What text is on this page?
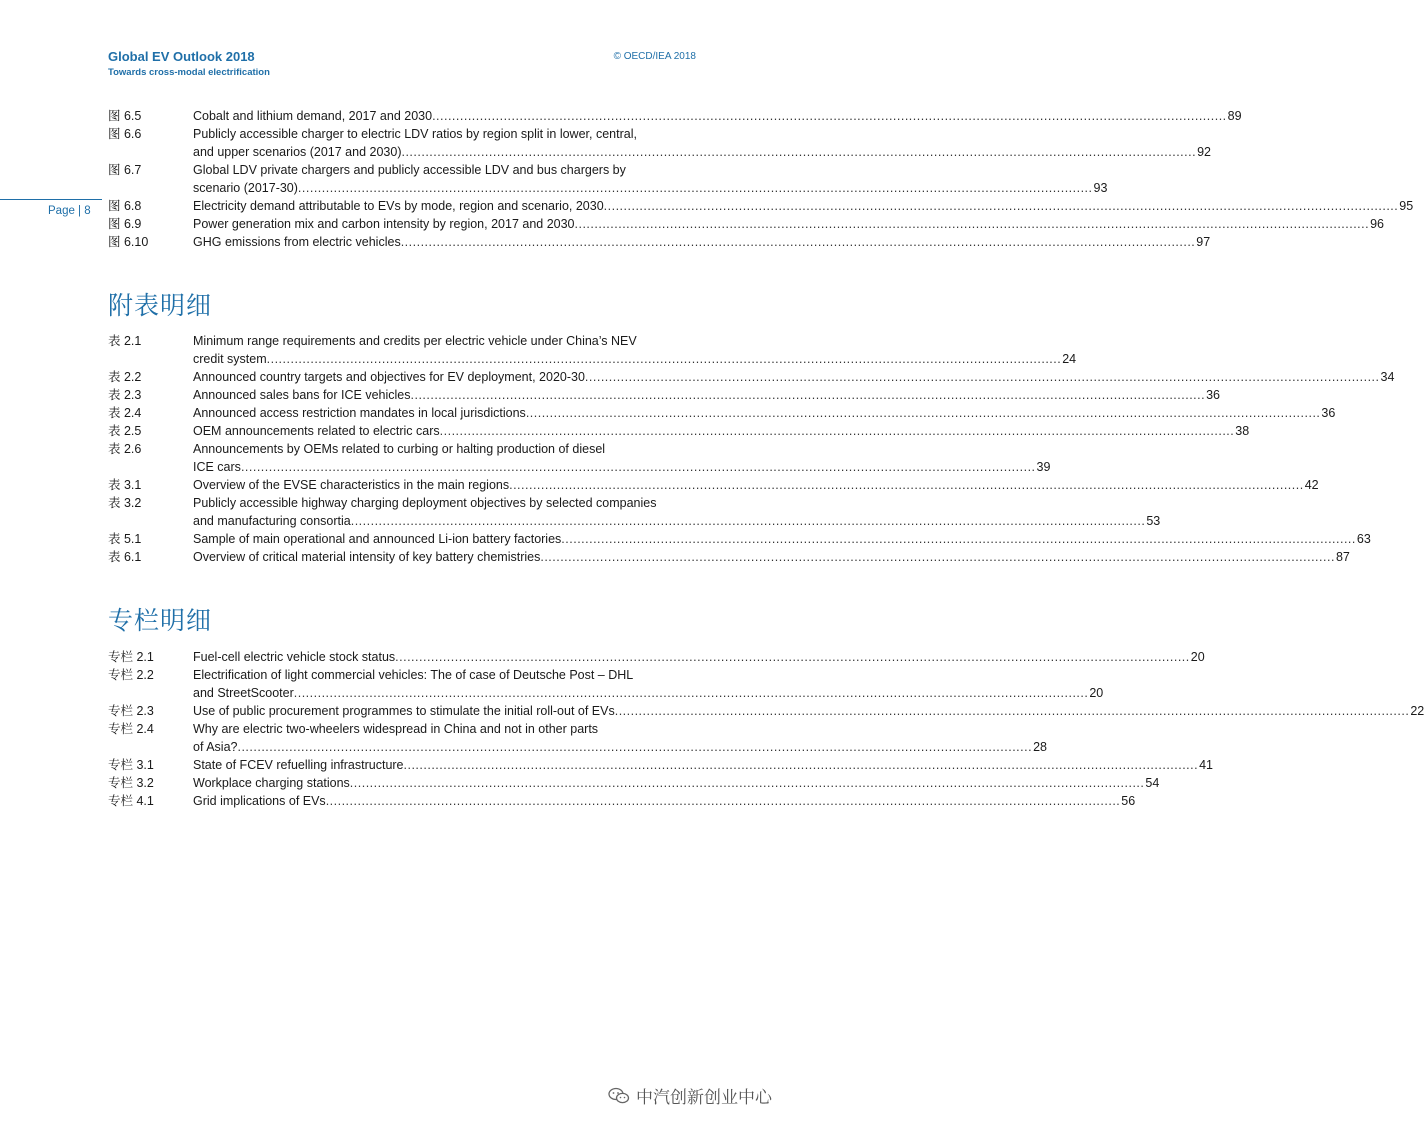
Global EV Outlook 2018
Towards cross-modal electrification
© OECD/IEA 2018
Page | 8
图 6.5	Cobalt and lithium demand, 2017 and 2030 .....	89
图 6.6	Publicly accessible charger to electric LDV ratios by region split in lower, central,
and upper scenarios (2017 and 2030) .....	92
图 6.7	Global LDV private chargers and publicly accessible LDV and bus chargers by
scenario (2017-30) .....	93
图 6.8	Electricity demand attributable to EVs by mode, region and scenario, 2030 .....	95
图 6.9	Power generation mix and carbon intensity by region, 2017 and 2030 .....	96
图 6.10	GHG emissions from electric vehicles .....	97
附表明细
表 2.1	Minimum range requirements and credits per electric vehicle under China’s NEV
credit system .....	24
表 2.2	Announced country targets and objectives for EV deployment, 2020-30 .....	34
表 2.3	Announced sales bans for ICE vehicles .....	36
表 2.4	Announced access restriction mandates in local jurisdictions .....	36
表 2.5	OEM announcements related to electric cars .....	38
表 2.6	Announcements by OEMs related to curbing or halting production of diesel
ICE cars .....	39
表 3.1	Overview of the EVSE characteristics in the main regions .....	42
表 3.2	Publicly accessible highway charging deployment objectives by selected companies
and manufacturing consortia .....	53
表 5.1	Sample of main operational and announced Li-ion battery factories .....	63
表 6.1	Overview of critical material intensity of key battery chemistries .....	87
专栏明细
专栏 2.1	Fuel-cell electric vehicle stock status .....	20
专栏 2.2	Electrification of light commercial vehicles: The of case of Deutsche Post – DHL
and StreetScooter .....	20
专栏 2.3	Use of public procurement programmes to stimulate the initial roll-out of EVs .....	22
专栏 2.4	Why are electric two-wheelers widespread in China and not in other parts
of Asia? .....	28
专栏 3.1	State of FCEV refuelling infrastructure .....	41
专栏 3.2	Workplace charging stations .....	54
专栏 4.1	Grid implications of EVs .....	56
中汽创新创业中心
